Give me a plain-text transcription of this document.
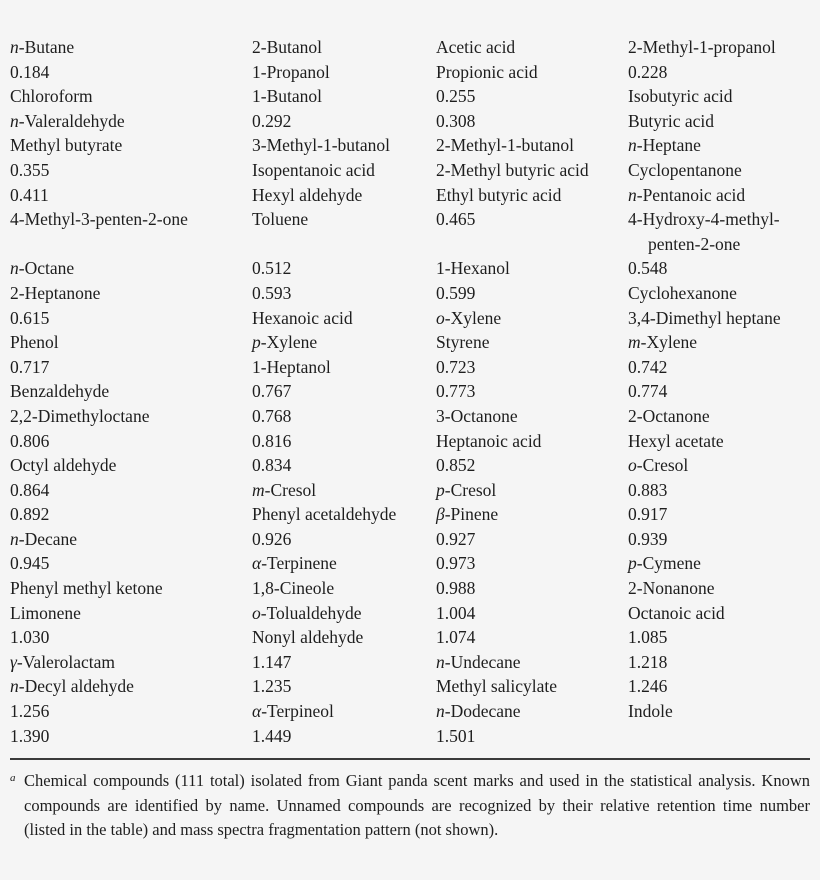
n-Butane	2-Butanol	Acetic acid	2-Methyl-1-propanol
0.184	1-Propanol	Propionic acid	0.228
Chloroform	1-Butanol	0.255	Isobutyric acid
n-Valeraldehyde	0.292	0.308	Butyric acid
Methyl butyrate	3-Methyl-1-butanol	2-Methyl-1-butanol	n-Heptane
0.355	Isopentanoic acid	2-Methyl butyric acid	Cyclopentanone
0.411	Hexyl aldehyde	Ethyl butyric acid	n-Pentanoic acid
4-Methyl-3-penten-2-one	Toluene	0.465	4-Hydroxy-4-methyl-
penten-2-one
n-Octane	0.512	1-Hexanol	0.548
2-Heptanone	0.593	0.599	Cyclohexanone
0.615	Hexanoic acid	o-Xylene	3,4-Dimethyl heptane
Phenol	p-Xylene	Styrene	m-Xylene
0.717	1-Heptanol	0.723	0.742
Benzaldehyde	0.767	0.773	0.774
2,2-Dimethyloctane	0.768	3-Octanone	2-Octanone
0.806	0.816	Heptanoic acid	Hexyl acetate
Octyl aldehyde	0.834	0.852	o-Cresol
0.864	m-Cresol	p-Cresol	0.883
0.892	Phenyl acetaldehyde	β-Pinene	0.917
n-Decane	0.926	0.927	0.939
0.945	α-Terpinene	0.973	p-Cymene
Phenyl methyl ketone	1,8-Cineole	0.988	2-Nonanone
Limonene	o-Tolualdehyde	1.004	Octanoic acid
1.030	Nonyl aldehyde	1.074	1.085
γ-Valerolactam	1.147	n-Undecane	1.218
n-Decyl aldehyde	1.235	Methyl salicylate	1.246
1.256	α-Terpineol	n-Dodecane	Indole
1.390	1.449	1.501
a Chemical compounds (111 total) isolated from Giant panda scent marks and used in the statistical analysis. Known compounds are identified by name. Unnamed compounds are recognized by their relative retention time number (listed in the table) and mass spectra fragmentation pattern (not shown).
